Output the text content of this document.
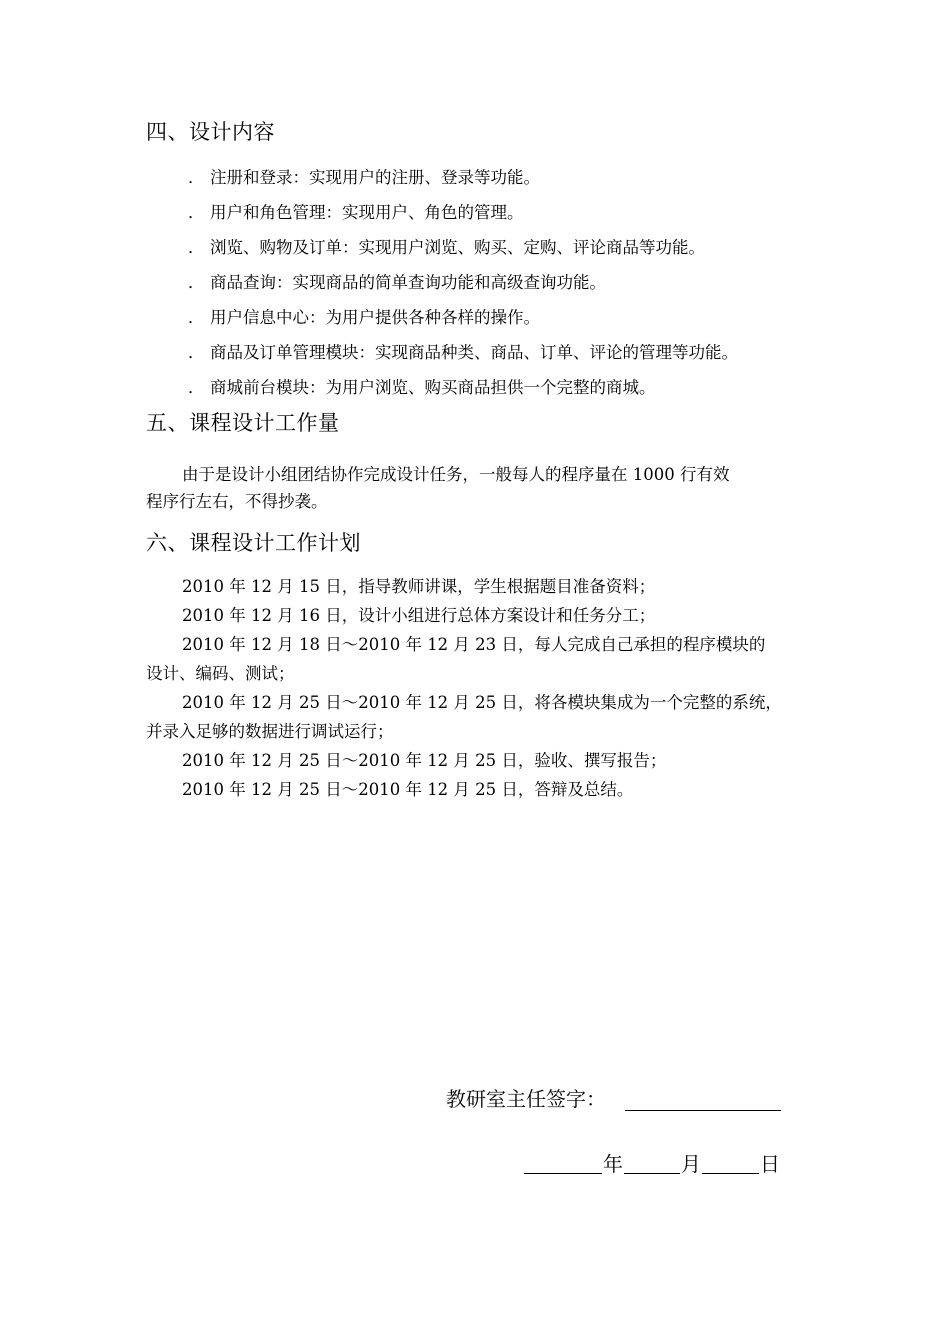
四、设计内容
． 注册和登录：实现用户的注册、登录等功能。
． 用户和角色管理：实现用户、角色的管理。
． 浏览、购物及订单：实现用户浏览、购买、定购、评论商品等功能。
． 商品查询：实现商品的简单查询功能和高级查询功能。
． 用户信息中心：为用户提供各种各样的操作。
． 商品及订单管理模块：实现商品种类、商品、订单、评论的管理等功能。
． 商城前台模块：为用户浏览、购买商品担供一个完整的商城。
五、课程设计工作量
由于是设计小组团结协作完成设计任务，一般每人的程序量在 1000 行有效
程序行左右，不得抄袭。
六、课程设计工作计划
2010 年 12 月 15 日，指导教师讲课，学生根据题目准备资料；
2010 年 12 月 16 日，设计小组进行总体方案设计和任务分工；
2010 年 12 月 18 日～2010 年 12 月 23 日，每人完成自己承担的程序模块的
设计、编码、测试；
2010 年 12 月 25 日～2010 年 12 月 25 日，将各模块集成为一个完整的系统，
并录入足够的数据进行调试运行；
2010 年 12 月 25 日～2010 年 12 月 25 日，验收、撰写报告；
2010 年 12 月 25 日～2010 年 12 月 25 日，答辩及总结。
教研室主任签字：
年	月	日
